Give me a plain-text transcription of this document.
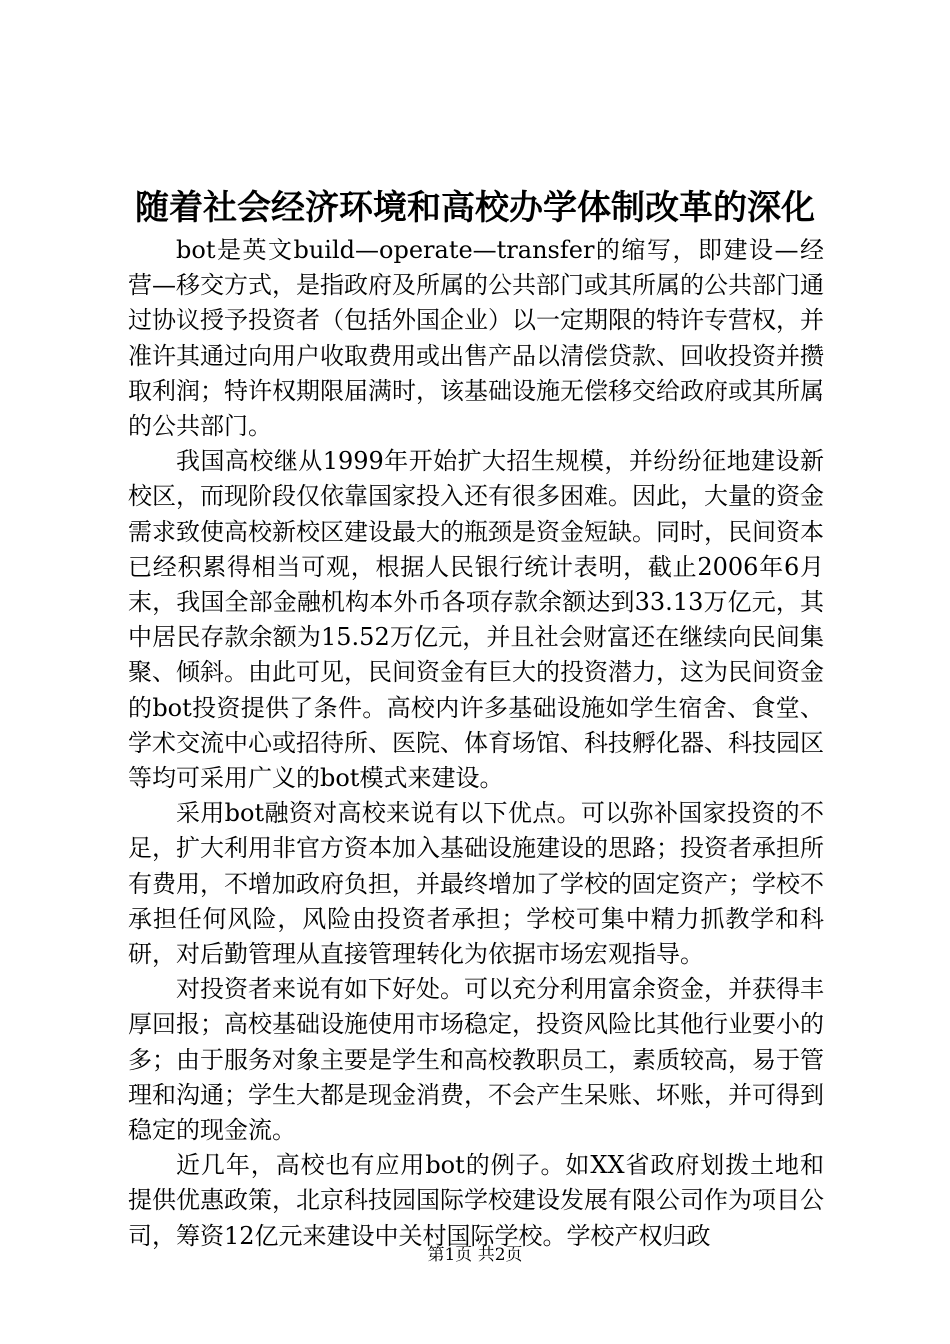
随着社会经济环境和高校办学体制改革的深化

bot是英文build—operate—transfer的缩写，即建设—经营—移交方式，是指政府及所属的公共部门或其所属的公共部门通过协议授予投资者（包括外国企业）以一定期限的特许专营权，并准许其通过向用户收取费用或出售产品以清偿贷款、回收投资并攒取利润；特许权期限届满时，该基础设施无偿移交给政府或其所属的公共部门。

我国高校继从1999年开始扩大招生规模，并纷纷征地建设新校区，而现阶段仅依靠国家投入还有很多困难。因此，大量的资金需求致使高校新校区建设最大的瓶颈是资金短缺。同时，民间资本已经积累得相当可观，根据人民银行统计表明，截止2006年6月末，我国全部金融机构本外币各项存款余额达到33.13万亿元，其中居民存款余额为15.52万亿元，并且社会财富还在继续向民间集聚、倾斜。由此可见，民间资金有巨大的投资潜力，这为民间资金的bot投资提供了条件。高校内许多基础设施如学生宿舍、食堂、学术交流中心或招待所、医院、体育场馆、科技孵化器、科技园区等均可采用广义的bot模式来建设。

采用bot融资对高校来说有以下优点。可以弥补国家投资的不足，扩大利用非官方资本加入基础设施建设的思路；投资者承担所有费用，不增加政府负担，并最终增加了学校的固定资产；学校不承担任何风险，风险由投资者承担；学校可集中精力抓教学和科研，对后勤管理从直接管理转化为依据市场宏观指导。

对投资者来说有如下好处。可以充分利用富余资金，并获得丰厚回报；高校基础设施使用市场稳定，投资风险比其他行业要小的多；由于服务对象主要是学生和高校教职员工，素质较高，易于管理和沟通；学生大都是现金消费，不会产生呆账、坏账，并可得到稳定的现金流。

近几年，高校也有应用bot的例子。如XX省政府划拨土地和提供优惠政策，北京科技园国际学校建设发展有限公司作为项目公司，筹资12亿元来建设中关村国际学校。学校产权归政

第1页 共2页
